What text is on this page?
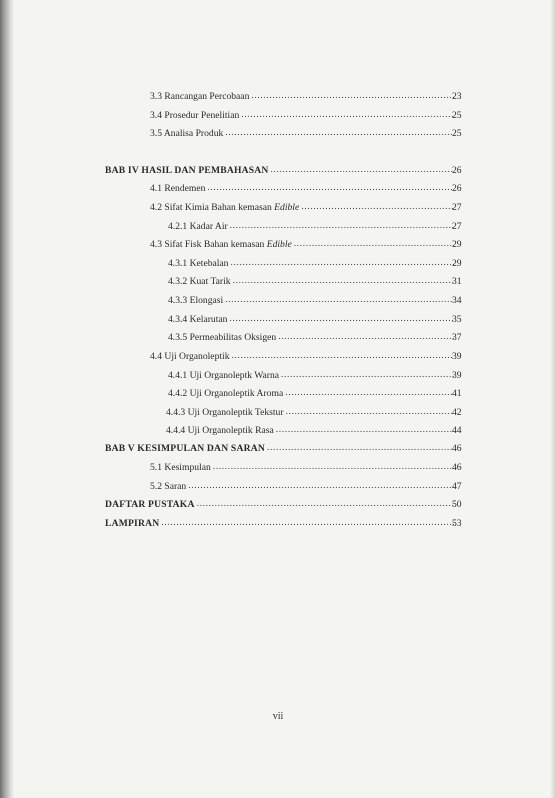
3.3 Rancangan Percobaan .....	23
3.4 Prosedur Penelitian .....	25
3.5 Analisa Produk .....	25
BAB IV HASIL DAN PEMBAHASAN .....	26
4.1 Rendemen .....	26
4.2 Sifat Kimia Bahan kemasan Edible .....	27
4.2.1 Kadar Air .....	27
4.3 Sifat Fisk Bahan kemasan Edible .....	29
4.3.1 Ketebalan .....	29
4.3.2 Kuat Tarik .....	31
4.3.3 Elongasi .....	34
4.3.4 Kelarutan .....	35
4.3.5 Permeabilitas Oksigen .....	37
4.4 Uji Organoleptik .....	39
4.4.1 Uji Organoleptk Warna .....	39
4.4.2 Uji Organoleptik Aroma .....	41
4.4.3 Uji Organoleptik Tekstur .....	42
4.4.4 Uji Organoleptik Rasa .....	44
BAB V KESIMPULAN DAN SARAN .....	46
5.1 Kesimpulan .....	46
5.2 Saran .....	47
DAFTAR PUSTAKA .....	50
LAMPIRAN .....	53
vii
